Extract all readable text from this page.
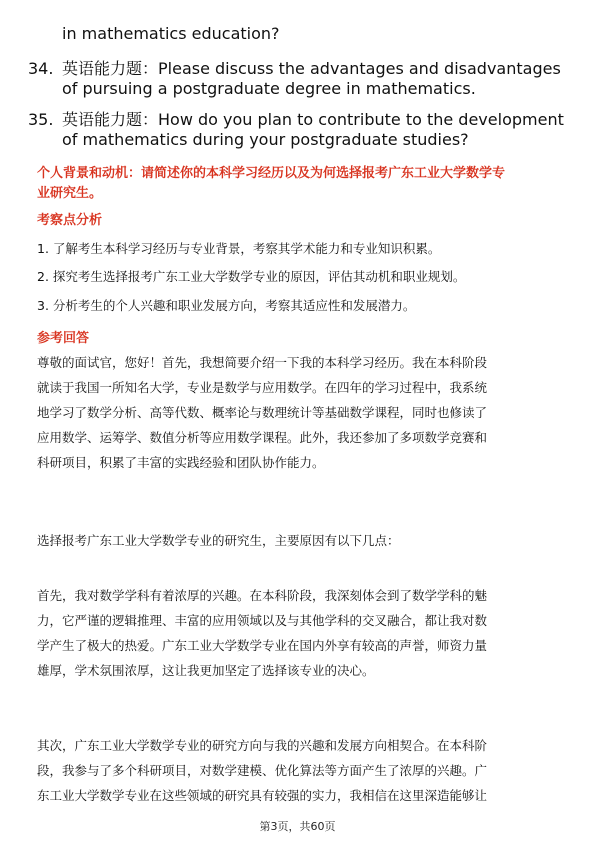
in mathematics education?
34. 英语能力题：Please discuss the advantages and disadvantages
of pursuing a postgraduate degree in mathematics.
35. 英语能力题：How do you plan to contribute to the development
of mathematics during your postgraduate studies?
个人背景和动机：请简述你的本科学习经历以及为何选择报考广东工业大学数学专
业研究生。
考察点分析
1. 了解考生本科学习经历与专业背景，考察其学术能力和专业知识积累。
2. 探究考生选择报考广东工业大学数学专业的原因，评估其动机和职业规划。
3. 分析考生的个人兴趣和职业发展方向，考察其适应性和发展潜力。
参考回答
尊敬的面试官，您好！首先，我想简要介绍一下我的本科学习经历。我在本科阶段
就读于我国一所知名大学，专业是数学与应用数学。在四年的学习过程中，我系统
地学习了数学分析、高等代数、概率论与数理统计等基础数学课程，同时也修读了
应用数学、运筹学、数值分析等应用数学课程。此外，我还参加了多项数学竞赛和
科研项目，积累了丰富的实践经验和团队协作能力。
选择报考广东工业大学数学专业的研究生，主要原因有以下几点：
首先，我对数学学科有着浓厚的兴趣。在本科阶段，我深刻体会到了数学学科的魅
力，它严谨的逻辑推理、丰富的应用领域以及与其他学科的交叉融合，都让我对数
学产生了极大的热爱。广东工业大学数学专业在国内外享有较高的声誉，师资力量
雄厚，学术氛围浓厚，这让我更加坚定了选择该专业的决心。
其次，广东工业大学数学专业的研究方向与我的兴趣和发展方向相契合。在本科阶
段，我参与了多个科研项目，对数学建模、优化算法等方面产生了浓厚的兴趣。广
东工业大学数学专业在这些领域的研究具有较强的实力，我相信在这里深造能够让
第3页，共60页
